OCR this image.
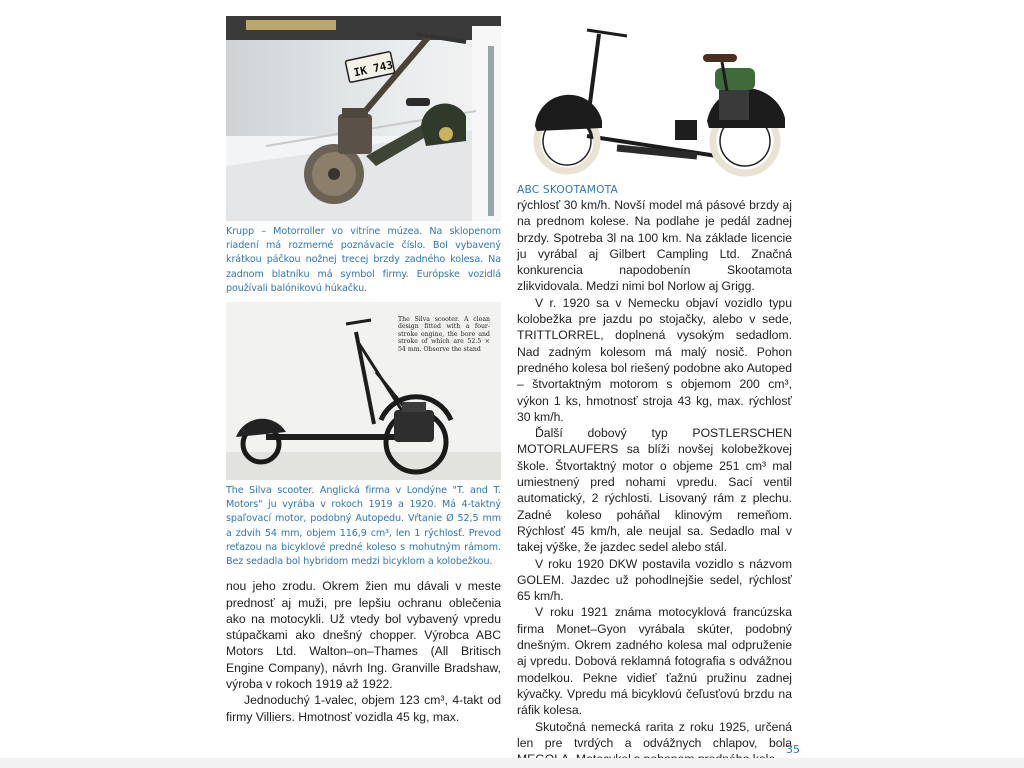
IK 743

Krupp – Motorroller vo vitríne múzea. Na sklopenom riadení má rozmerné poznávacie číslo. Bol vybavený krátkou páčkou nožnej trecej brzdy zadného kolesa. Na zadnom blatníku má symbol firmy. Európske vozidlá používali balónikovú húkačku.

The Silva scooter. A clean design fitted with a four-stroke engine, the bore and stroke of which are 52.5 × 54 mm. Observe the stand

The Silva scooter. Anglická firma v Londýne "T. and T. Motors" ju vyrába v rokoch 1919 a 1920. Má 4-taktný spaľovací motor, podobný Autopedu. Vŕtanie Ø 52,5 mm a zdvih 54 mm, objem 116,9 cm³, len 1 rýchlosť. Prevod reťazou na bicyklové predné koleso s mohutným rámom. Bez sedadla bol hybridom medzi bicyklom a kolobežkou.

nou jeho zrodu. Okrem žien mu dávali v meste prednosť aj muži, pre lepšiu ochranu oblečenia ako na motocykli. Už vtedy bol vybavený vpredu stúpačkami ako dnešný chopper. Výrobca ABC Motors Ltd. Walton–on–Thames (All Britisch Engine Company), návrh Ing. Granville Bradshaw, výroba v rokoch 1919 až 1922.

Jednoduchý 1-valec, objem 123 cm³, 4-takt od firmy Villiers. Hmotnosť vozidla 45 kg, max.

ABC SKOOTAMOTA

rýchlosť 30 km/h. Novší model má pásové brzdy aj na prednom kolese. Na podlahe je pedál zadnej brzdy. Spotreba 3l na 100 km. Na základe licencie ju vyrábal aj Gilbert Campling Ltd. Značná konkurencia napodobenín Skootamota zlikvidovala. Medzi nimi bol Norlow aj Grigg.

V r. 1920 sa v Nemecku objaví vozidlo typu kolobežka pre jazdu po stojačky, alebo v sede, TRITTLORREL, doplnená vysokým sedadlom. Nad zadným kolesom má malý nosič. Pohon predného kolesa bol riešený podobne ako Autoped – štvortaktným motorom s objemom 200 cm³, výkon 1 ks, hmotnosť stroja 43 kg, max. rýchlosť 30 km/h.

Ďalší dobový typ POSTLERSCHEN MOTORLAUFERS sa blíži novšej kolobežkovej škole. Štvortaktný motor o objeme 251 cm³ mal umiestnený pred nohami vpredu. Sací ventil automatický, 2 rýchlosti. Lisovaný rám z plechu. Zadné koleso poháňal klinovým remeňom. Rýchlosť 45 km/h, ale neujal sa. Sedadlo mal v takej výške, že jazdec sedel alebo stál.

V roku 1920 DKW postavila vozidlo s názvom GOLEM. Jazdec už pohodlnejšie sedel, rýchlosť 65 km/h.

V roku 1921 známa motocyklová francúzska firma Monet–Gyon vyrábala skúter, podobný dnešným. Okrem zadného kolesa mal odpruženie aj vpredu. Dobová reklamná fotografia s odvážnou modelkou. Pekne vidieť ťažnú pružinu zadnej kývačky. Vpredu má bicyklovú čeľusťovú brzdu na ráfik kolesa.

Skutočná nemecká rarita z roku 1925, určená len pre tvrdých a odvážnych chlapov, bola

35
